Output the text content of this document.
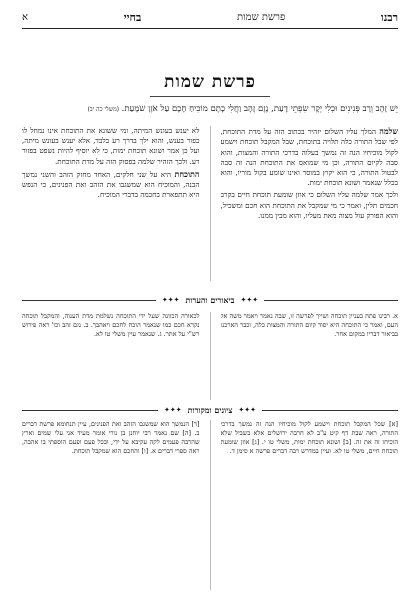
רבנו
פרשת שמות
בחיי
א
פרשת שמות
יֵשׁ זָהָב וְרָב פְּנִינִים וּכְלִי יְקָר שִׂפְתֵי דָעַת, נֶזֶם זָהָב וַחֲלִי כָתֶם מוֹכִיחַ חָכָם עַל אֹזֶן שֹׁמָעַת. (משלי כה יב)

שלמה המלך עליו השלום יזהיר בכתוב הזה על מדת התוכחת, לפי שבל התורה כלה תלויה בתוכחת, שבל המקבל תוכחת וישמע לקול מוכיחיו הנה זה נמשך בעלוה בדרכי התורה והמצות, והוא סבה לקיום התורה, וכן מי שמואס את התוכחת הנה זה סבה לבטול התורה, כי הוא יקוץ במוסר ואינו שומע בקול מוריו, והוא בכלל שנאמר ושונא תוכחת ימות.

ולכך אמר שלמה עליו השלום כי אוזן שומעת תוכחת חיים בקרב חכמים תלין, ואמר כי מי שמקבל את התוכחת הוא חכם ומשכיל, והוא הפורק עול מצוה מאת מעליו, והוא מבין ממנו.

לא יענש בעונש המיתה, ומי ששונא את התוכחת אינו נמחל לו כפור בענש, והוא ילך בדרך רע בלבד, אלא יענש בעונש מיתה, ועל כן אמר ושונא תוכחת ימות, כי לא יוסיף להיות נשפט בפזור רע. ולכך הזהיר שלמה בפסוק הזה על מדת התוכחת.

התוכחת היא על שני חלקים, האחד מחזק הזהב והשני נמשך הבנה, והמוכיח הוא שמשגבו את הזהב ואת הפנינים, כי הנפש היא תתפארת בחכמה בדברי המוכיח.

✦✦✦
ביאורים והערות
✦✦✦
א. רבינו פתח בעניין תוכחה ושייך לפרשה זו, שבה נאמר ויאמר משה אל העם, ואמר כי התוכחה היא יסוד קיום התורה והמצות כלה, וכבר הארכנו בביאור דבריו במקום אחר.
לכאורה הכוונה שעל ידי התוכחה נשלמת מדת הענוה, והמקבל תוכחה נקרא חכם כמו שנאמר הוכח לחכם ויאהבך. ב. נזם זהב וכו' ראה פירוש רש"י על אתר. ג. שנאמר עיין משלי טו לא.
✦✦✦
ציונים ומקורות
✦✦✦
[א] שכל המקבל תוכחת וישמע לקול מוכיחיו הנה זה נמשך בדרכי התורה, ראה שבת דף קיט ע"ב לא חרבה ירושלים אלא בשביל שלא הוכיחו זה את זה. [ב] ושונא תוכחת ימות, משלי טו י. [ג] אוזן שומעת תוכחת חיים, משלי טו לא. ועיין במדרש רבה דברים פרשה א סימן ד.
[ד] הנמשך הוא שמשגבו הזהב ואת הפנינים, עיין תנחומא פרשת דברים ב. [ה] שם נאמר רבי יוחנן בן נורי אומר מעיד אני עלי שמים וארץ שהרבה פעמים לקה עקיבא על ידי, ובכל פעם ופעם הוספתי בו אהבה, ראה ספרי דברים א. [ו] והחכם הוא שמקבל תוכחת.
